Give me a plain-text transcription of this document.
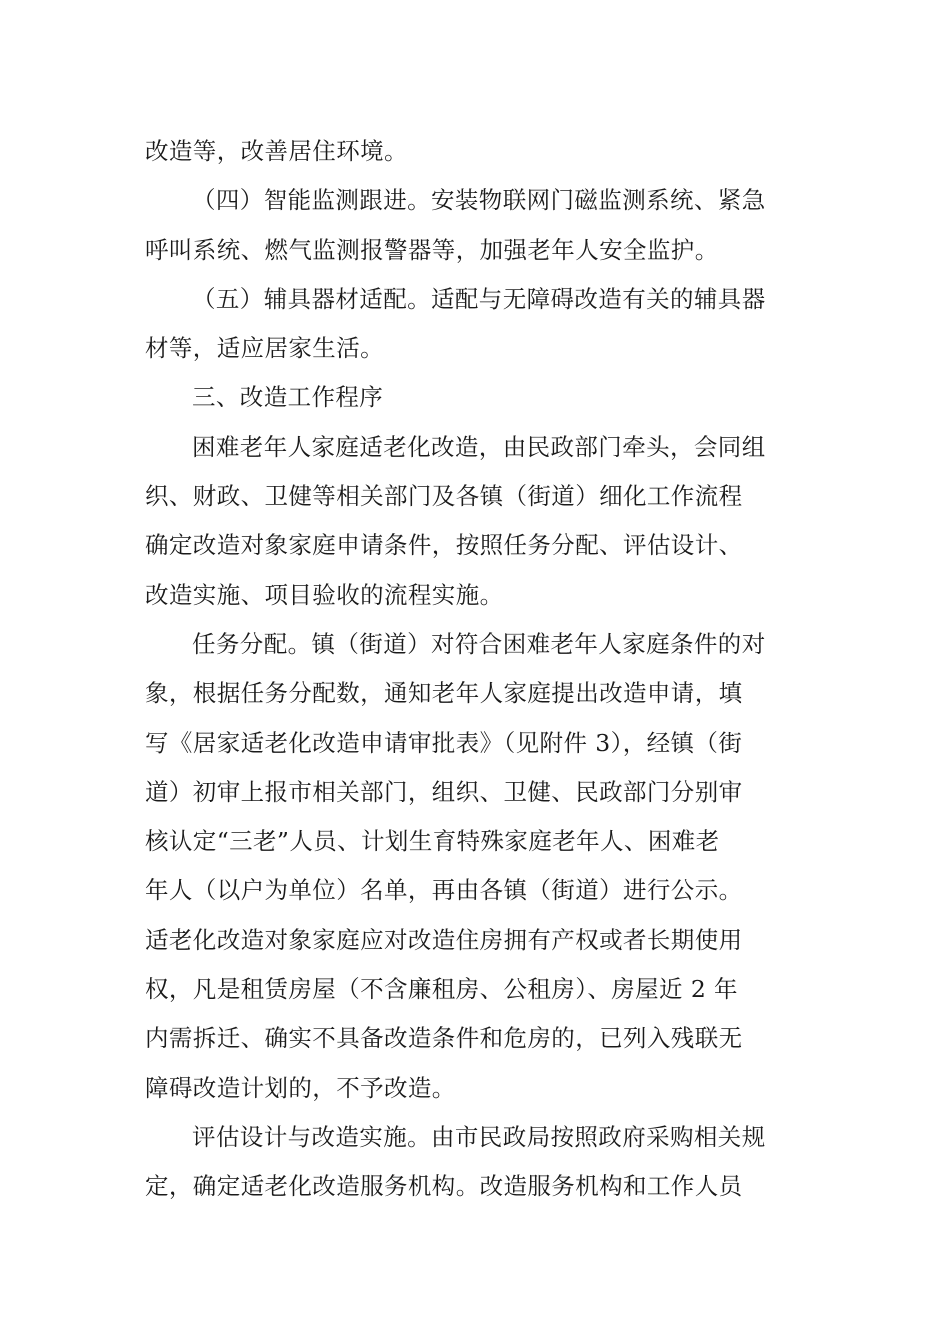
改造等，改善居住环境。
（四）智能监测跟进。安装物联网门磁监测系统、紧急
呼叫系统、燃气监测报警器等，加强老年人安全监护。
（五）辅具器材适配。适配与无障碍改造有关的辅具器
材等，适应居家生活。
三、改造工作程序
困难老年人家庭适老化改造，由民政部门牵头，会同组
织、财政、卫健等相关部门及各镇（街道）细化工作流程
确定改造对象家庭申请条件，按照任务分配、评估设计、
改造实施、项目验收的流程实施。
任务分配。镇（街道）对符合困难老年人家庭条件的对
象，根据任务分配数，通知老年人家庭提出改造申请，填
写《居家适老化改造申请审批表》（见附件 3），经镇（街
道）初审上报市相关部门，组织、卫健、民政部门分别审
核认定“三老”人员、计划生育特殊家庭老年人、困难老
年人（以户为单位）名单，再由各镇（街道）进行公示。
适老化改造对象家庭应对改造住房拥有产权或者长期使用
权，凡是租赁房屋（不含廉租房、公租房）、房屋近 2 年
内需拆迁、确实不具备改造条件和危房的，已列入残联无
障碍改造计划的，不予改造。
评估设计与改造实施。由市民政局按照政府采购相关规
定，确定适老化改造服务机构。改造服务机构和工作人员
